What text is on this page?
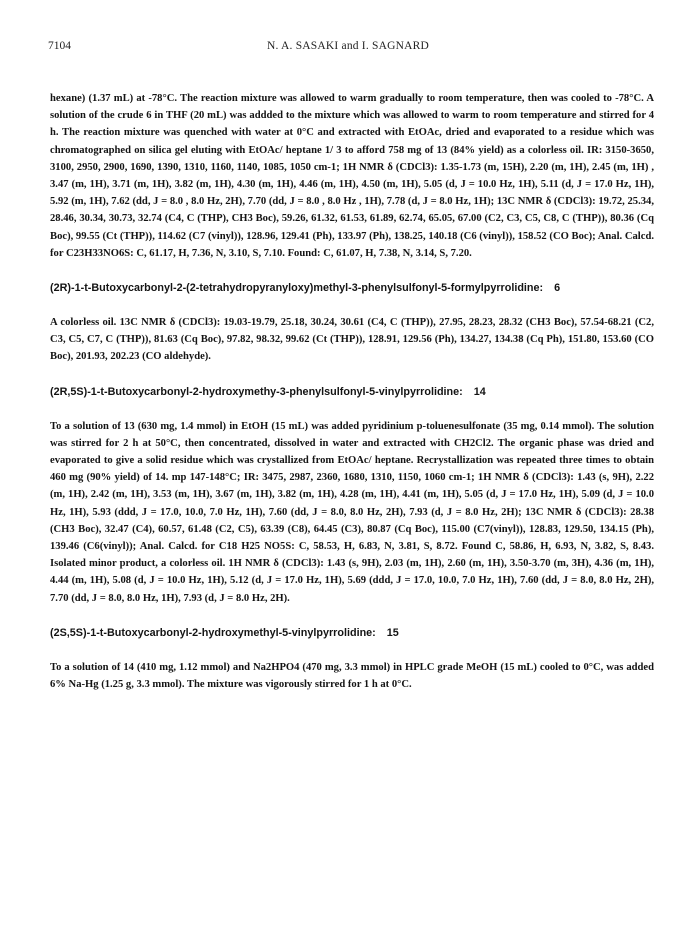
7104	N. A. SASAKI and I. SAGNARD

hexane) (1.37 mL) at -78°C. The reaction mixture was allowed to warm gradually to room temperature, then was cooled to -78°C. A solution of the crude 6 in THF (20 mL) was addded to the mixture which was allowed to warm to room temperature and stirred for 4 h. The reaction mixture was quenched with water at 0°C and extracted with EtOAc, dried and evaporated to a residue which was chromatographed on silica gel eluting with EtOAc/ heptane 1/ 3 to afford 758 mg of 13 (84% yield) as a colorless oil. IR: 3150-3650, 3100, 2950, 2900, 1690, 1390, 1310, 1160, 1140, 1085, 1050 cm-1; 1H NMR δ (CDCl3): 1.35-1.73 (m, 15H), 2.20 (m, 1H), 2.45 (m, 1H) , 3.47 (m, 1H), 3.71 (m, 1H), 3.82 (m, 1H), 4.30 (m, 1H), 4.46 (m, 1H), 4.50 (m, 1H), 5.05 (d, J = 10.0 Hz, 1H), 5.11 (d, J = 17.0 Hz, 1H), 5.92 (m, 1H), 7.62 (dd, J = 8.0 , 8.0 Hz, 2H), 7.70 (dd, J = 8.0 , 8.0 Hz , 1H), 7.78 (d, J = 8.0 Hz, 1H); 13C NMR δ (CDCl3): 19.72, 25.34, 28.46, 30.34, 30.73, 32.74 (C4, C (THP), CH3 Boc), 59.26, 61.32, 61.53, 61.89, 62.74, 65.05, 67.00 (C2, C3, C5, C8, C (THP)), 80.36 (Cq Boc), 99.55 (Ct (THP)), 114.62 (C7 (vinyl)), 128.96, 129.41 (Ph), 133.97 (Ph), 138.25, 140.18 (C6 (vinyl)), 158.52 (CO Boc); Anal. Calcd. for C23H33NO6S: C, 61.17, H, 7.36, N, 3.10, S, 7.10. Found: C, 61.07, H, 7.38, N, 3.14, S, 7.20.

(2R)-1-t-Butoxycarbonyl-2-(2-tetrahydropyranyloxy)methyl-3-phenylsulfonyl-5-formylpyrrolidine: 6

A colorless oil. 13C NMR δ (CDCl3): 19.03-19.79, 25.18, 30.24, 30.61 (C4, C (THP)), 27.95, 28.23, 28.32 (CH3 Boc), 57.54-68.21 (C2, C3, C5, C7, C (THP)), 81.63 (Cq Boc), 97.82, 98.32, 99.62 (Ct (THP)), 128.91, 129.56 (Ph), 134.27, 134.38 (Cq Ph), 151.80, 153.60 (CO Boc), 201.93, 202.23 (CO aldehyde).

(2R,5S)-1-t-Butoxycarbonyl-2-hydroxymethy-3-phenylsulfonyl-5-vinylpyrrolidine: 14

To a solution of 13 (630 mg, 1.4 mmol) in EtOH (15 mL) was added pyridinium p-toluenesulfonate (35 mg, 0.14 mmol). The solution was stirred for 2 h at 50°C, then concentrated, dissolved in water and extracted with CH2Cl2. The organic phase was dried and evaporated to give a solid residue which was crystallized from EtOAc/ heptane. Recrystallization was repeated three times to obtain 460 mg (90% yield) of 14. mp 147-148°C; IR: 3475, 2987, 2360, 1680, 1310, 1150, 1060 cm-1; 1H NMR δ (CDCl3): 1.43 (s, 9H), 2.22 (m, 1H), 2.42 (m, 1H), 3.53 (m, 1H), 3.67 (m, 1H), 3.82 (m, 1H), 4.28 (m, 1H), 4.41 (m, 1H), 5.05 (d, J = 17.0 Hz, 1H), 5.09 (d, J = 10.0 Hz, 1H), 5.93 (ddd, J = 17.0, 10.0, 7.0 Hz, 1H), 7.60 (dd, J = 8.0, 8.0 Hz, 2H), 7.93 (d, J = 8.0 Hz, 2H); 13C NMR δ (CDCl3): 28.38 (CH3 Boc), 32.47 (C4), 60.57, 61.48 (C2, C5), 63.39 (C8), 64.45 (C3), 80.87 (Cq Boc), 115.00 (C7(vinyl)), 128.83, 129.50, 134.15 (Ph), 139.46 (C6(vinyl)); Anal. Calcd. for C18 H25 NO5S: C, 58.53, H, 6.83, N, 3.81, S, 8.72. Found C, 58.86, H, 6.93, N, 3.82, S, 8.43. Isolated minor product, a colorless oil. 1H NMR δ (CDCl3): 1.43 (s, 9H), 2.03 (m, 1H), 2.60 (m, 1H), 3.50-3.70 (m, 3H), 4.36 (m, 1H), 4.44 (m, 1H), 5.08 (d, J = 10.0 Hz, 1H), 5.12 (d, J = 17.0 Hz, 1H), 5.69 (ddd, J = 17.0, 10.0, 7.0 Hz, 1H), 7.60 (dd, J = 8.0, 8.0 Hz, 2H), 7.70 (dd, J = 8.0, 8.0 Hz, 1H), 7.93 (d, J = 8.0 Hz, 2H).

(2S,5S)-1-t-Butoxycarbonyl-2-hydroxymethyl-5-vinylpyrrolidine: 15

To a solution of 14 (410 mg, 1.12 mmol) and Na2HPO4 (470 mg, 3.3 mmol) in HPLC grade MeOH (15 mL) cooled to 0°C, was added 6% Na-Hg (1.25 g, 3.3 mmol). The mixture was vigorously stirred for 1 h at 0°C.
